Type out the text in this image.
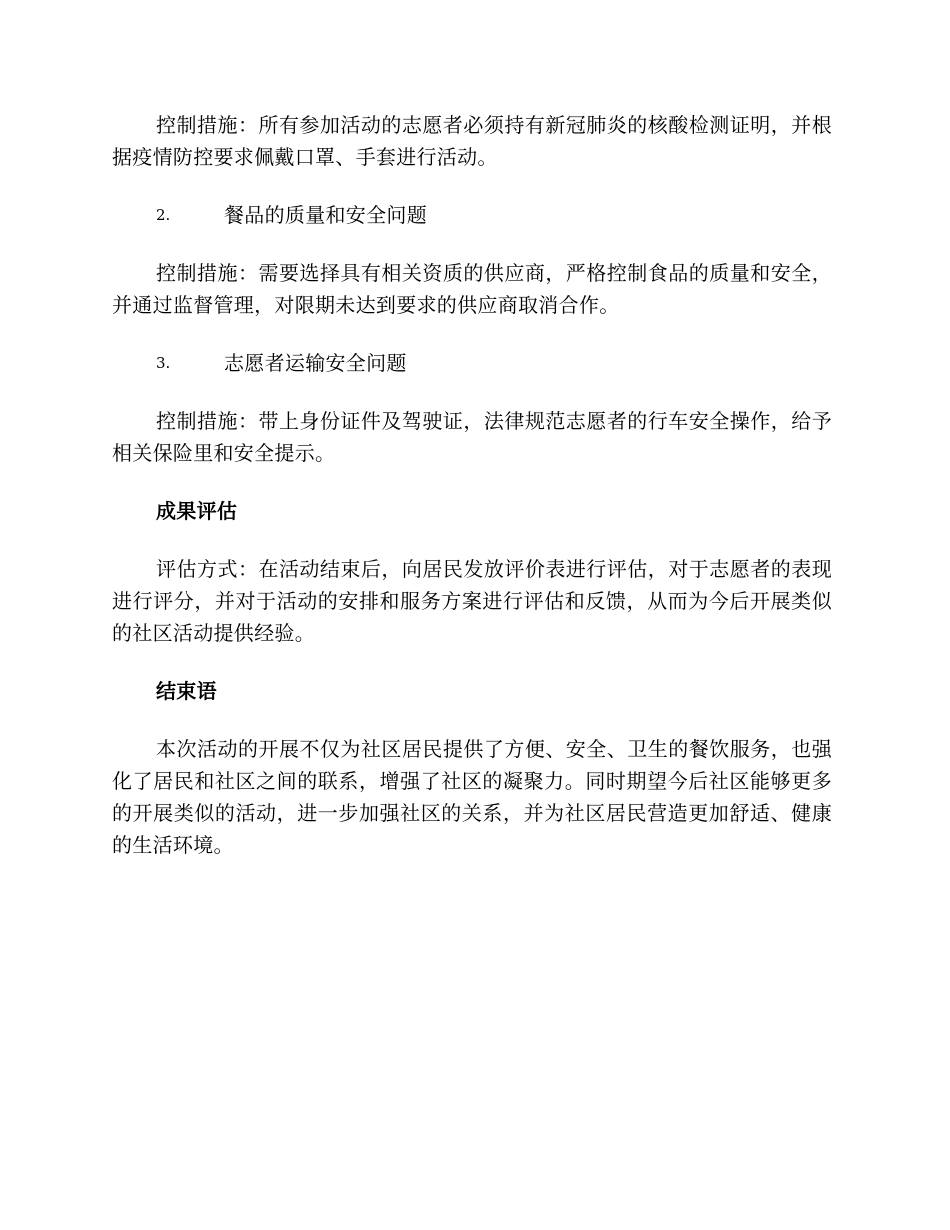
控制措施：所有参加活动的志愿者必须持有新冠肺炎的核酸检测证明，并根据疫情防控要求佩戴口罩、手套进行活动。

2.	餐品的质量和安全问题

控制措施：需要选择具有相关资质的供应商，严格控制食品的质量和安全，并通过监督管理，对限期未达到要求的供应商取消合作。

3.	志愿者运输安全问题

控制措施：带上身份证件及驾驶证，法律规范志愿者的行车安全操作，给予相关保险里和安全提示。

成果评估

评估方式：在活动结束后，向居民发放评价表进行评估，对于志愿者的表现进行评分，并对于活动的安排和服务方案进行评估和反馈，从而为今后开展类似的社区活动提供经验。

结束语

本次活动的开展不仅为社区居民提供了方便、安全、卫生的餐饮服务，也强化了居民和社区之间的联系，增强了社区的凝聚力。同时期望今后社区能够更多的开展类似的活动，进一步加强社区的关系，并为社区居民营造更加舒适、健康的生活环境。
